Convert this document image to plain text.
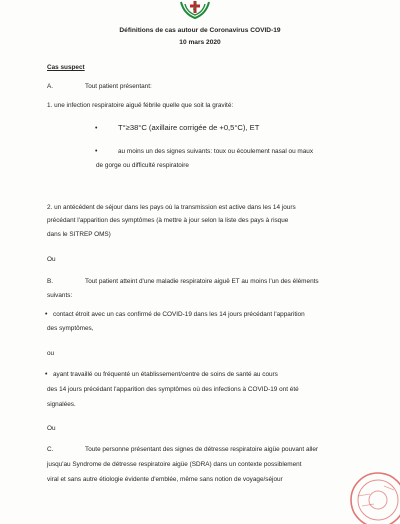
Définitions de cas autour de Coronavirus COVID-19
10 mars 2020
Cas suspect
A.	Tout patient présentant:
1. une infection respiratoire aiguë fébrile quelle que soit la gravité:
•	T°≥38°C (axillaire corrigée de +0,5°C), ET
•	au moins un des signes suivants: toux ou écoulement nasal ou maux
de gorge ou difficulté respiratoire
2. un antécédent de séjour dans les pays où la transmission est active dans les 14 jours
précédant l'apparition des symptômes (à mettre à jour selon la liste des pays à risque
dans le SITREP OMS)
Ou
B.	Tout patient atteint d'une maladie respiratoire aiguë ET au moins l'un des éléments
suivants:
• contact étroit avec un cas confirmé de COVID-19 dans les 14 jours précédant l'apparition
des symptômes,
ou
• ayant travaillé ou fréquenté un établissement/centre de soins de santé au cours
des 14 jours précédant l'apparition des symptômes où des infections à COVID-19 ont été
signalées.
Ou
C.	Toute personne présentant des signes de détresse respiratoire aigüe pouvant aller
jusqu'au Syndrome de détresse respiratoire aigüe (SDRA) dans un contexte possiblement
viral et sans autre étiologie évidente d'emblée, même sans notion de voyage/séjour
